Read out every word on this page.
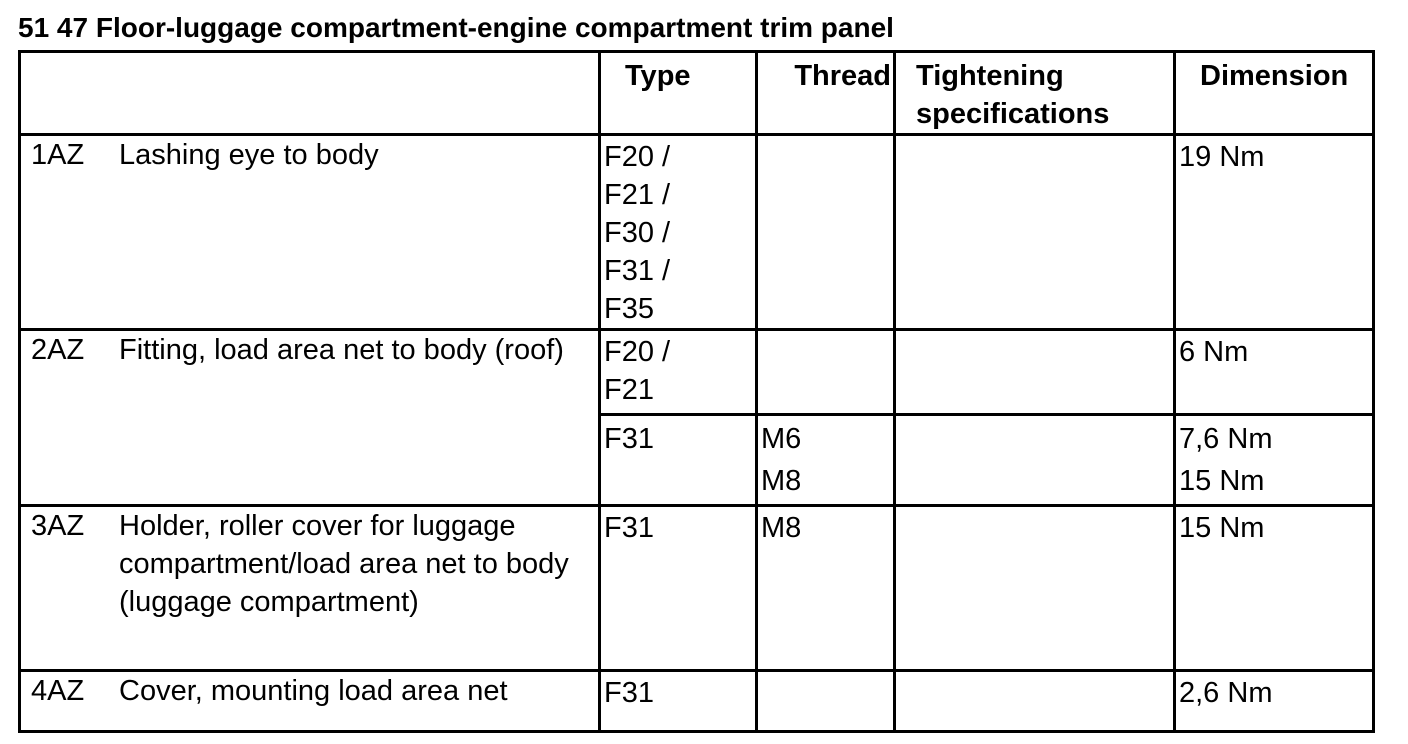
51 47 Floor-luggage compartment-engine compartment trim panel
	Type	Thread	Tightening
specifications	Dimension
1AZ Lashing eye to body	F20 /
F21 /
F30 /
F31 /
F35			19 Nm

2AZ Fitting, load area net to body (roof)	F20 /
F21			6 Nm

	F31	M6
M8		7,6 Nm
15 Nm

3AZ Holder, roller cover for luggage compartment/load area net to body (luggage compartment)	F31	M8		15 Nm

4AZ Cover, mounting load area net	F31			2,6 Nm
